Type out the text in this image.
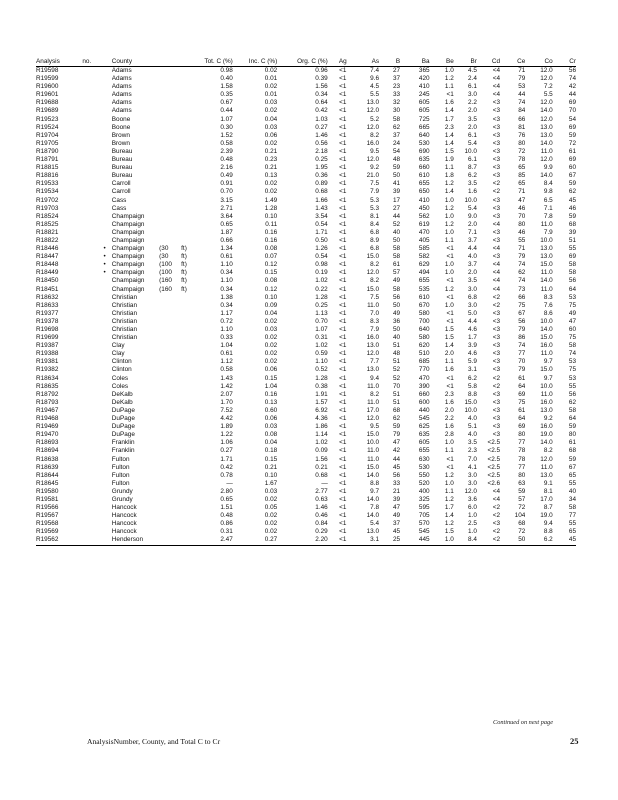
Analysis	no.	County			Tot. C (%)	Inc. C (%)	Org. C (%)	Ag	As	B	Ba	Be	Br	Cd	Ce	Co	Cr
R19598		Adams			0.98	0.02	0.96	<1	7.4	27	365	1.0	4.5	<4	71	12.0	56
R19599		Adams			0.40	0.01	0.39	<1	9.6	37	420	1.2	2.4	<4	79	12.0	74
R19600		Adams			1.58	0.02	1.56	<1	4.5	23	410	1.1	6.1	<4	53	7.2	42
R19601		Adams			0.35	0.01	0.34	<1	5.5	33	245	<1	3.0	<4	44	5.5	44
R19688		Adams			0.67	0.03	0.64	<1	13.0	32	605	1.6	2.2	<3	74	12.0	69
R19689		Adams			0.44	0.02	0.42	<1	12.0	30	605	1.4	2.0	<3	84	14.0	70
R19523		Boone			1.07	0.04	1.03	<1	5.2	58	725	1.7	3.5	<3	66	12.0	54
R19524		Boone			0.30	0.03	0.27	<1	12.0	62	665	2.3	2.0	<3	81	13.0	69
R19704		Brown			1.52	0.06	1.46	<1	8.2	37	640	1.4	6.1	<3	76	13.0	59
R19705		Brown			0.58	0.02	0.56	<1	16.0	24	530	1.4	5.4	<3	80	14.0	72
R18790		Bureau			2.39	0.21	2.18	<1	9.5	54	690	1.5	10.0	<3	72	11.0	61
R18791		Bureau			0.48	0.23	0.25	<1	12.0	48	635	1.9	6.1	<3	78	12.0	69
R18815		Bureau			2.16	0.21	1.95	<1	9.2	59	660	1.1	8.7	<3	65	9.9	60
R18816		Bureau			0.49	0.13	0.36	<1	21.0	50	610	1.8	6.2	<3	85	14.0	67
R19533		Carroll			0.91	0.02	0.89	<1	7.5	41	655	1.2	3.5	<2	65	8.4	59
R19534		Carroll			0.70	0.02	0.68	<1	7.9	39	650	1.4	1.6	<2	71	9.8	62
R19702		Cass			3.15	1.49	1.66	<1	5.3	17	410	1.0	10.0	<3	47	6.5	45
R19703		Cass			2.71	1.28	1.43	<1	5.3	27	450	1.2	5.4	<3	46	7.1	46
R18524		Champaign			3.64	0.10	3.54	<1	8.1	44	562	1.0	9.0	<3	70	7.8	59
R18525		Champaign			0.65	0.11	0.54	<1	8.4	52	619	1.2	2.0	<4	80	11.0	68
R18821		Champaign			1.87	0.16	1.71	<1	6.8	40	470	1.0	7.1	<3	46	7.9	39
R18822		Champaign			0.66	0.16	0.50	<1	8.9	50	405	1.1	3.7	<3	55	10.0	51
R18446	•	Champaign	(30	ft)	1.34	0.08	1.26	<1	6.8	58	585	<1	4.4	<4	71	13.0	55
R18447	•	Champaign	(30	ft)	0.61	0.07	0.54	<1	15.0	58	582	<1	4.0	<3	79	13.0	69
R18448	•	Champaign	(100	ft)	1.10	0.12	0.98	<1	8.2	61	629	1.0	3.7	<4	74	15.0	58
R18449	•	Champaign	(100	ft)	0.34	0.15	0.19	<1	12.0	57	494	1.0	2.0	<4	62	11.0	58
R18450		Champaign	(160	ft)	1.10	0.08	1.02	<1	8.2	49	655	<1	3.5	<4	74	14.0	56
R18451		Champaign	(160	ft)	0.34	0.12	0.22	<1	15.0	58	535	1.2	3.0	<4	73	11.0	64
R18632		Christian			1.38	0.10	1.28	<1	7.5	56	610	<1	6.8	<2	66	8.3	53
R18633		Christian			0.34	0.09	0.25	<1	11.0	50	670	1.0	3.0	<2	75	7.6	75
R19377		Christian			1.17	0.04	1.13	<1	7.0	49	580	<1	5.0	<3	67	8.6	49
R19378		Christian			0.72	0.02	0.70	<1	8.3	36	700	<1	4.4	<3	56	10.0	47
R19698		Christian			1.10	0.03	1.07	<1	7.9	50	640	1.5	4.6	<3	79	14.0	60
R19699		Christian			0.33	0.02	0.31	<1	16.0	40	580	1.5	1.7	<3	86	15.0	75
R19387		Clay			1.04	0.02	1.02	<1	13.0	51	620	1.4	3.9	<3	74	16.0	58
R19388		Clay			0.61	0.02	0.59	<1	12.0	48	510	2.0	4.6	<3	77	11.0	74
R19381		Clinton			1.12	0.02	1.10	<1	7.7	51	685	1.1	5.9	<3	70	9.7	53
R19382		Clinton			0.58	0.06	0.52	<1	13.0	52	770	1.6	3.1	<3	79	15.0	75
R18634		Coles			1.43	0.15	1.28	<1	9.4	52	470	<1	6.2	<2	61	9.7	53
R18635		Coles			1.42	1.04	0.38	<1	11.0	70	390	<1	5.8	<2	64	10.0	55
R18792		DeKalb			2.07	0.16	1.91	<1	8.2	51	660	2.3	8.8	<3	69	11.0	56
R18793		DeKalb			1.70	0.13	1.57	<1	11.0	51	600	1.6	15.0	<3	75	16.0	62
R19467		DuPage			7.52	0.60	6.92	<1	17.0	68	440	2.0	10.0	<3	61	13.0	58
R19468		DuPage			4.42	0.06	4.36	<1	12.0	62	545	2.2	4.0	<3	64	9.2	64
R19469		DuPage			1.89	0.03	1.86	<1	9.5	59	625	1.6	5.1	<3	69	16.0	59
R19470		DuPage			1.22	0.08	1.14	<1	15.0	79	635	2.8	4.0	<3	80	19.0	80
R18693		Franklin			1.06	0.04	1.02	<1	10.0	47	605	1.0	3.5	<2.5	77	14.0	61
R18694		Franklin			0.27	0.18	0.09	<1	11.0	42	655	1.1	2.3	<2.5	78	8.2	68
R18638		Fulton			1.71	0.15	1.56	<1	11.0	44	630	<1	7.0	<2.5	78	12.0	59
R18639		Fulton			0.42	0.21	0.21	<1	15.0	45	530	<1	4.1	<2.5	77	11.0	67
R18644		Fulton			0.78	0.10	0.68	<1	14.0	56	550	1.2	3.0	<2.5	80	13.0	65
R18645		Fulton			—	1.67	—	<1	8.8	33	520	1.0	3.0	<2.6	63	9.1	55
R19580		Grundy			2.80	0.03	2.77	<1	9.7	21	400	1.1	12.0	<4	59	8.1	40
R19581		Grundy			0.65	0.02	0.63	<1	14.0	39	325	1.2	3.6	<4	57	17.0	34
R19566		Hancock			1.51	0.05	1.46	<1	7.8	47	595	1.7	6.0	<2	72	8.7	58
R19567		Hancock			0.48	0.02	0.46	<1	14.0	49	705	1.4	1.0	<2	104	19.0	77
R19568		Hancock			0.86	0.02	0.84	<1	5.4	37	570	1.2	2.5	<3	68	9.4	55
R19569		Hancock			0.31	0.02	0.29	<1	13.0	45	545	1.5	1.0	<2	72	8.8	65
R19562		Henderson			2.47	0.27	2.20	<1	3.1	25	445	1.0	8.4	<2	50	6.2	45
Continued on next page
AnalysisNumber, County, and Total C to Cr	25
